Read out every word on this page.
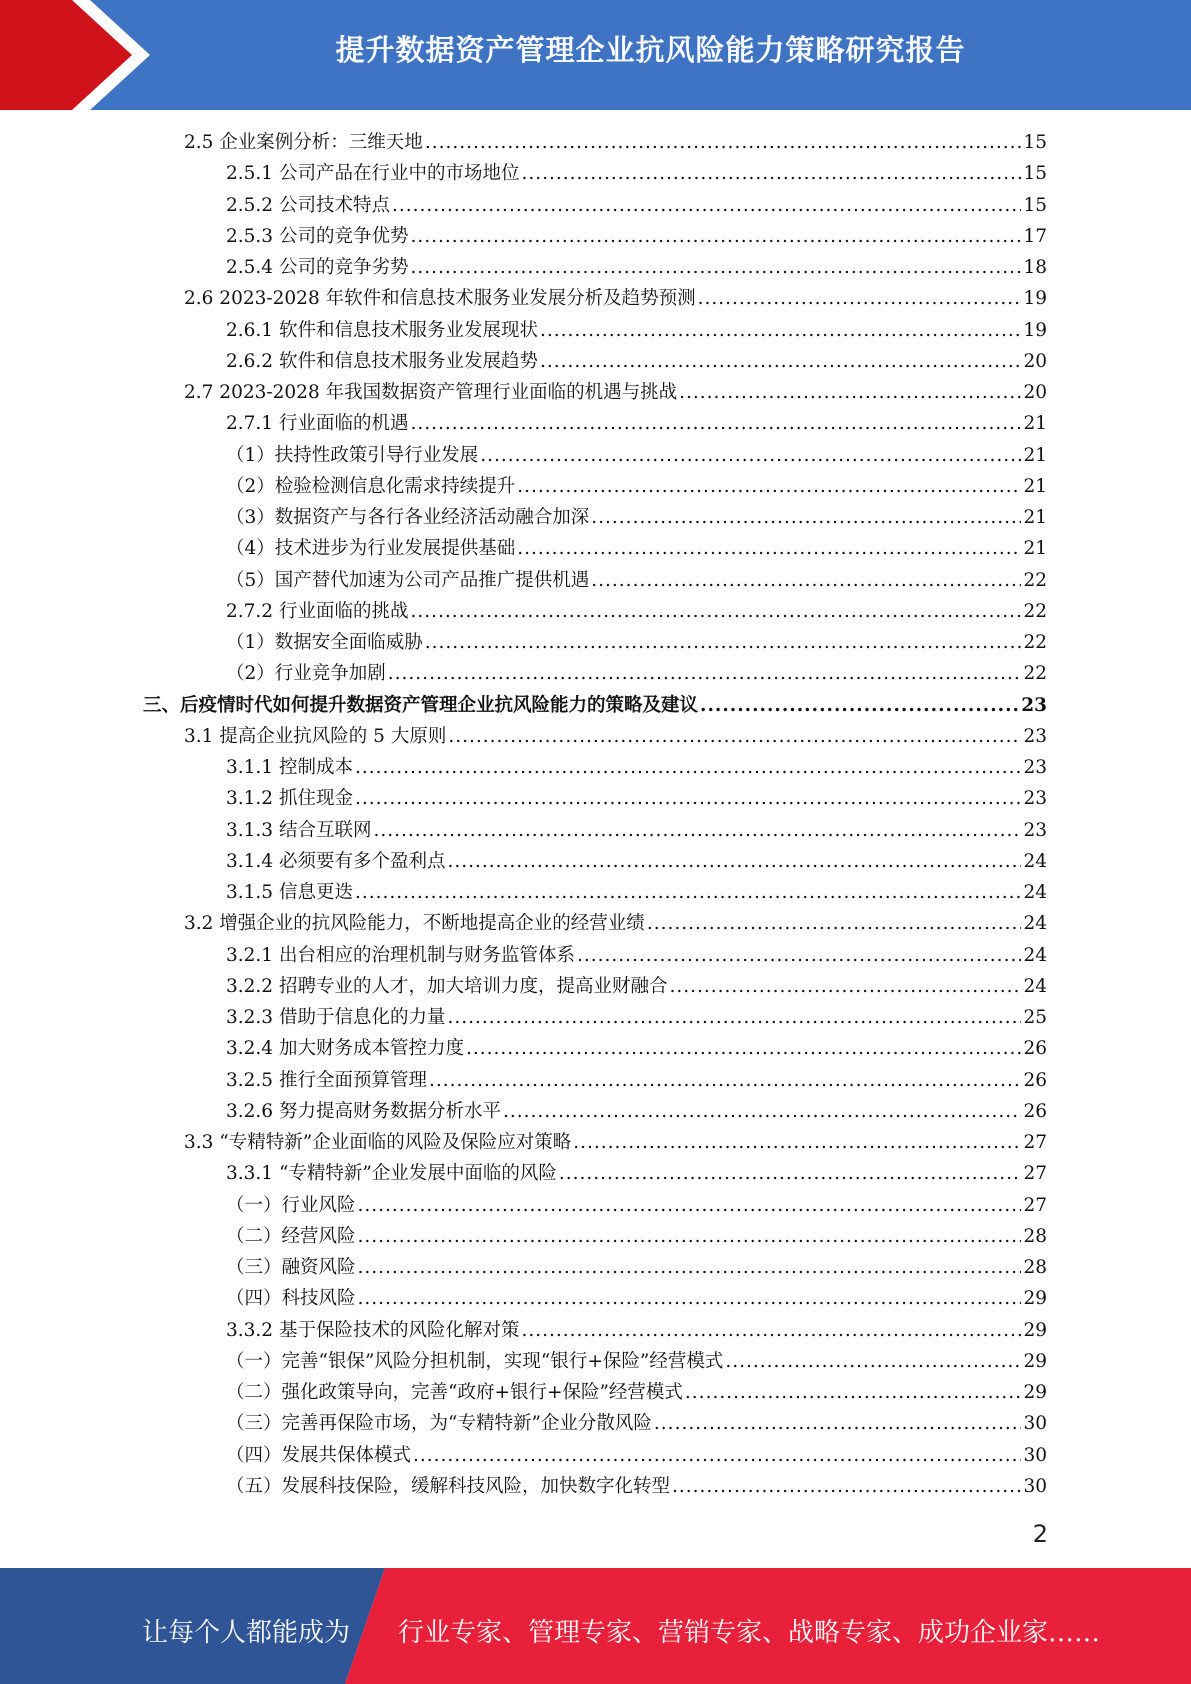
提升数据资产管理企业抗风险能力策略研究报告
2.5 企业案例分析：三维天地 .....	15
2.5.1 公司产品在行业中的市场地位 .....	15
2.5.2 公司技术特点 .....	15
2.5.3 公司的竞争优势 .....	17
2.5.4 公司的竞争劣势 .....	18
2.6 2023-2028 年软件和信息技术服务业发展分析及趋势预测 .....	19
2.6.1 软件和信息技术服务业发展现状 .....	19
2.6.2 软件和信息技术服务业发展趋势 .....	20
2.7 2023-2028 年我国数据资产管理行业面临的机遇与挑战 .....	20
2.7.1 行业面临的机遇 .....	21
（1）扶持性政策引导行业发展 .....	21
（2）检验检测信息化需求持续提升 .....	21
（3）数据资产与各行各业经济活动融合加深 .....	21
（4）技术进步为行业发展提供基础 .....	21
（5）国产替代加速为公司产品推广提供机遇 .....	22
2.7.2 行业面临的挑战 .....	22
（1）数据安全面临威胁 .....	22
（2）行业竞争加剧 .....	22
三、后疫情时代如何提升数据资产管理企业抗风险能力的策略及建议 .....	23
3.1 提高企业抗风险的 5 大原则 .....	23
3.1.1 控制成本 .....	23
3.1.2 抓住现金 .....	23
3.1.3 结合互联网 .....	23
3.1.4 必须要有多个盈利点 .....	24
3.1.5 信息更迭 .....	24
3.2 增强企业的抗风险能力，不断地提高企业的经营业绩 .....	24
3.2.1 出台相应的治理机制与财务监管体系 .....	24
3.2.2 招聘专业的人才，加大培训力度，提高业财融合 .....	24
3.2.3 借助于信息化的力量 .....	25
3.2.4 加大财务成本管控力度 .....	26
3.2.5 推行全面预算管理 .....	26
3.2.6 努力提高财务数据分析水平 .....	26
3.3 “专精特新”企业面临的风险及保险应对策略 .....	27
3.3.1 “专精特新”企业发展中面临的风险 .....	27
（一）行业风险 .....	27
（二）经营风险 .....	28
（三）融资风险 .....	28
（四）科技风险 .....	29
3.3.2 基于保险技术的风险化解对策 .....	29
（一）完善“银保”风险分担机制，实现“银行+保险”经营模式 .....	29
（二）强化政策导向，完善“政府+银行+保险”经营模式 .....	29
（三）完善再保险市场，为“专精特新”企业分散风险 .....	30
（四）发展共保体模式 .....	30
（五）发展科技保险，缓解科技风险，加快数字化转型 .....	30
2
让每个人都能成为 行业专家、管理专家、营销专家、战略专家、成功企业家……
